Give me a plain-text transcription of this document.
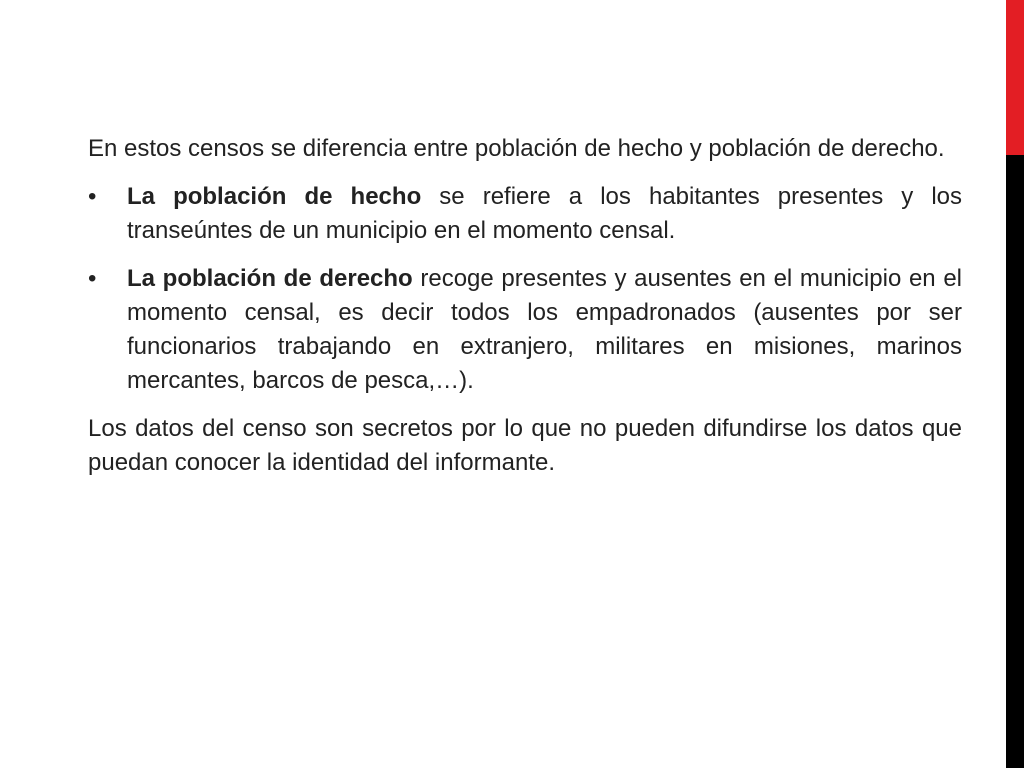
En estos censos se diferencia entre población de hecho y población de derecho.

• La población de hecho se refiere a los habitantes presentes y los transeúntes de un municipio en el momento censal.
• La población de derecho recoge presentes y ausentes en el municipio en el momento censal, es decir todos los empadronados (ausentes por ser funcionarios trabajando en extranjero, militares en misiones, marinos mercantes, barcos de pesca,…).

Los datos del censo son secretos por lo que no pueden difundirse los datos que puedan conocer la identidad del informante.
